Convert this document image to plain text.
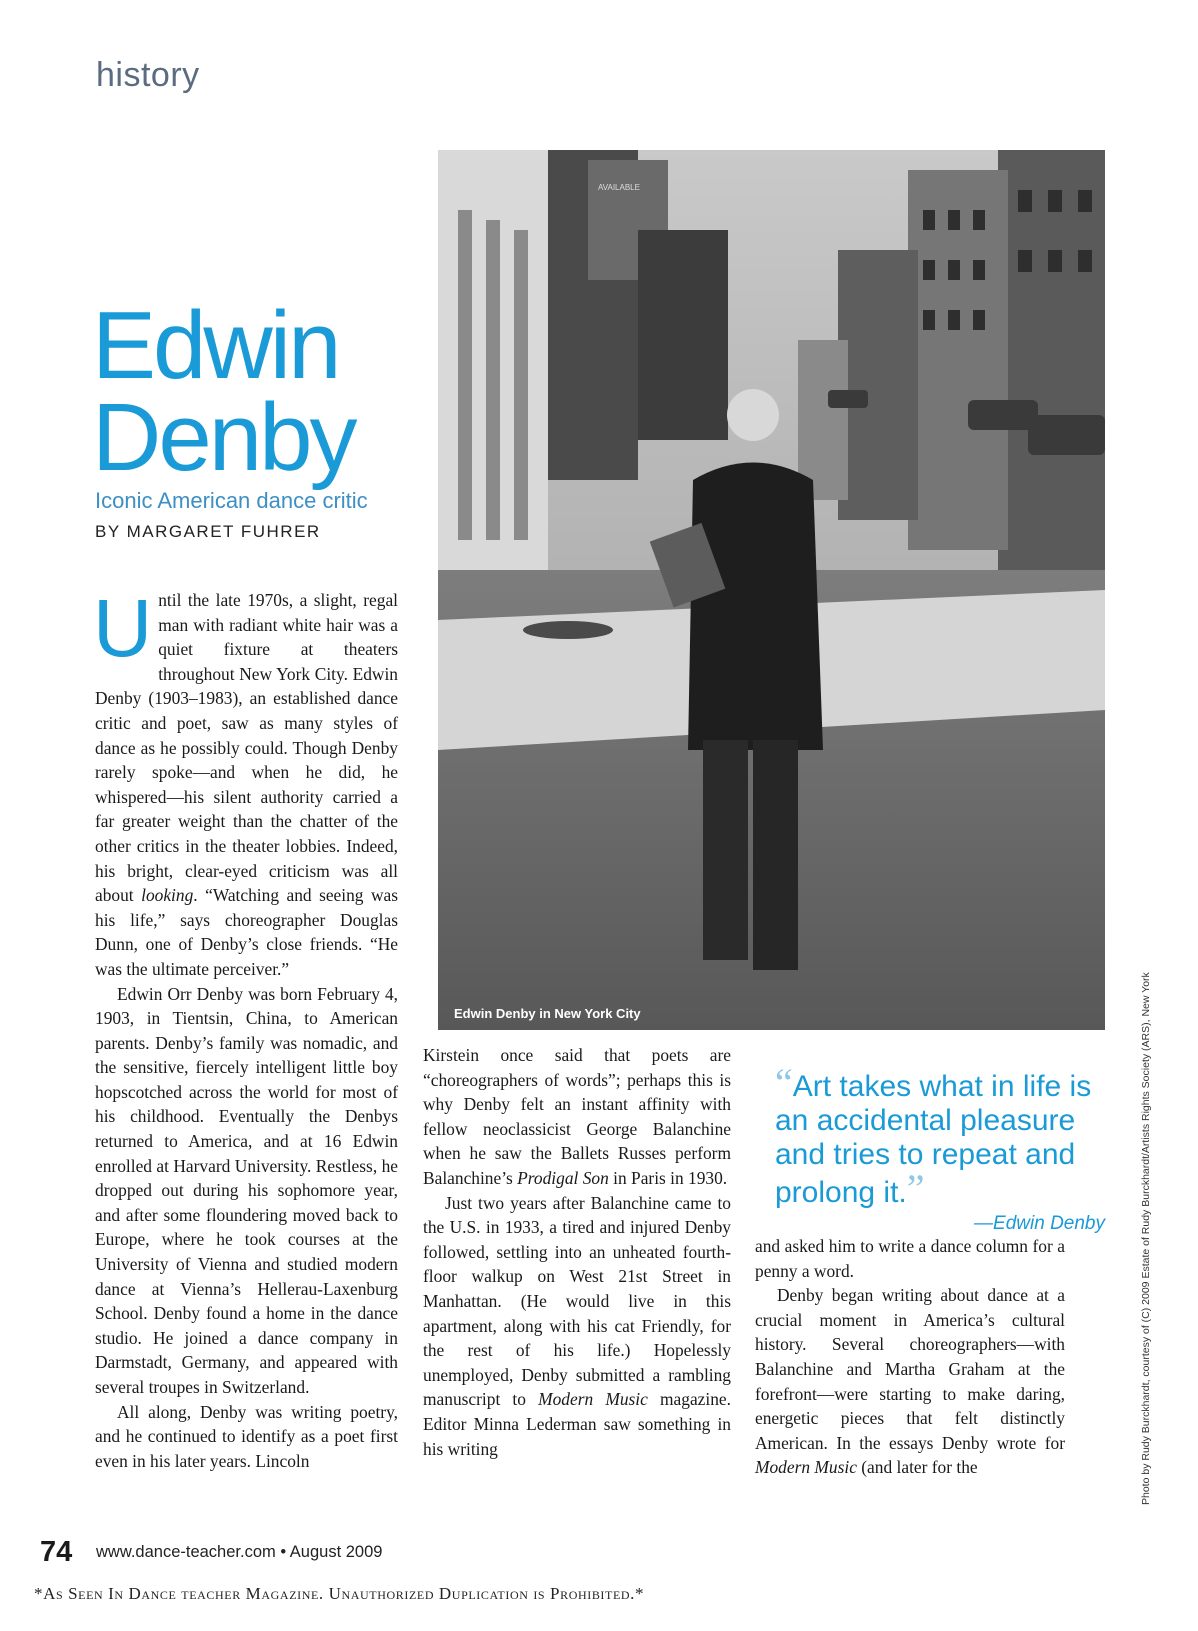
history
Edwin
Denby
Iconic American dance critic
BY MARGARET FUHRER

Until the late 1970s, a slight, regal man with radiant white hair was a quiet fixture at theaters throughout New York City. Edwin Denby (1903–1983), an established dance critic and poet, saw as many styles of dance as he possibly could. Though Denby rarely spoke—and when he did, he whispered—his silent authority carried a far greater weight than the chatter of the other critics in the theater lobbies. Indeed, his bright, clear-eyed criticism was all about looking. “Watching and seeing was his life,” says choreographer Douglas Dunn, one of Denby’s close friends. “He was the ultimate perceiver.”

Edwin Orr Denby was born February 4, 1903, in Tientsin, China, to American parents. Denby’s family was nomadic, and the sensitive, fiercely intelligent little boy hopscotched across the world for most of his childhood. Eventually the Denbys returned to America, and at 16 Edwin enrolled at Harvard University. Restless, he dropped out during his sophomore year, and after some floundering moved back to Europe, where he took courses at the University of Vienna and studied modern dance at Vienna’s Hellerau-Laxenburg School. Denby found a home in the dance studio. He joined a dance company in Darmstadt, Germany, and appeared with several troupes in Switzerland.

All along, Denby was writing poetry, and he continued to identify as a poet first even in his later years. Lincoln

AVAILABLE
Edwin Denby in New York City

Kirstein once said that poets are “choreographers of words”; perhaps this is why Denby felt an instant affinity with fellow neoclassicist George Balanchine when he saw the Ballets Russes perform Balanchine’s Prodigal Son in Paris in 1930.

Just two years after Balanchine came to the U.S. in 1933, a tired and injured Denby followed, settling into an unheated fourth-floor walkup on West 21st Street in Manhattan. (He would live in this apartment, along with his cat Friendly, for the rest of his life.) Hopelessly unemployed, Denby submitted a rambling manuscript to Modern Music magazine. Editor Minna Lederman saw something in his writing

“Art takes what in life is an accidental pleasure and tries to repeat and prolong it.”
—Edwin Denby

and asked him to write a dance column for a penny a word.

Denby began writing about dance at a crucial moment in America’s cultural history. Several choreographers—with Balanchine and Martha Graham at the forefront—were starting to make daring, energetic pieces that felt distinctly American. In the essays Denby wrote for Modern Music (and later for the	Photo by Rudy Burckhardt, courtesy of (C) 2009 Estate of Rudy Burckhardt/Artists Rights Society (ARS), New York
74 www.dance-teacher.com • August 2009
*As Seen In Dance teacher Magazine. Unauthorized Duplication is Prohibited.*
